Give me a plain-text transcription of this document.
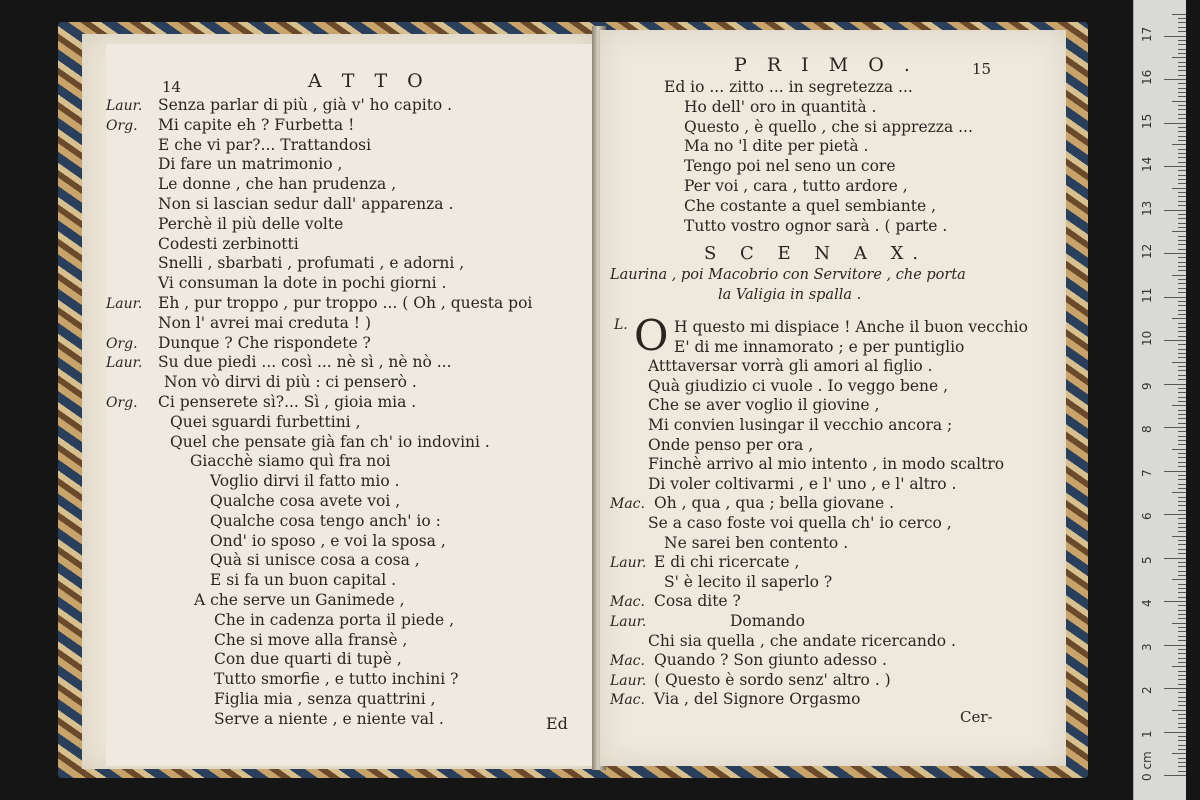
14	A T T O
Ed
Laur. Senza parlar di più , già v' ho capito .
Org. Mi capite eh ? Furbetta !
E che vi par?... Trattandosi
Di fare un matrimonio ,
Le donne , che han prudenza ,
Non si lascian sedur dall' apparenza .
Perchè il più delle volte
Codesti zerbinotti
Snelli , sbarbati , profumati , e adorni ,
Vi consuman la dote in pochi giorni .
Laur. Eh , pur troppo , pur troppo ... ( Oh , questa poi
Non l' avrei mai creduta ! )
Org. Dunque ? Che rispondete ?
Laur. Su due piedi ... così ... nè sì , nè nò ...
Non vò dirvi di più : ci penserò .
Org. Ci penserete sì?... Sì , gioia mia .
Quei sguardi furbettini ,
Quel che pensate già fan ch' io indovini .
Giacchè siamo quì fra noi
Voglio dirvi il fatto mio .
Qualche cosa avete voi ,
Qualche cosa tengo anch' io :
Ond' io sposo , e voi la sposa ,
Quà si unisce cosa a cosa ,
E si fa un buon capital .
A che serve un Ganimede ,
Che in cadenza porta il piede ,
Che si move alla fransè ,
Con due quarti di tupè ,
Tutto smorfie , e tutto inchini ?
Figlia mia , senza quattrini ,
Serve a niente , e niente val .
P R I M O .	15
S C E N A X.
Laurina , poi Macobrio con Servitore , che porta
la Valigia in spalla .
L. O
Cer-
Ed io ... zitto ... in segretezza ...
Ho dell' oro in quantità .
Questo , è quello , che si apprezza ...
Ma no 'l dite per pietà .
Tengo poi nel seno un core
Per voi , cara , tutto ardore ,
Che costante a quel sembiante ,
Tutto vostro ognor sarà . ( parte .
H questo mi dispiace ! Anche il buon vecchio
E' di me innamorato ; e per puntiglio
Atttaversar vorrà gli amori al figlio .
Quà giudizio ci vuole . Io veggo bene ,
Che se aver voglio il giovine ,
Mi convien lusingar il vecchio ancora ;
Onde penso per ora ,
Finchè arrivo al mio intento , in modo scaltro
Di voler coltivarmi , e l' uno , e l' altro .
Mac. Oh , qua , qua ; bella giovane .
Se a caso foste voi quella ch' io cerco ,
Ne sarei ben contento .
Laur. E di chi ricercate ,
S' è lecito il saperlo ?
Mac. Cosa dite ?
Laur.	Domando
Chi sia quella , che andate ricercando .
Mac. Quando ? Son giunto adesso .
Laur. ( Questo è sordo senz' altro . )
Mac. Via , del Signore Orgasmo
0 cm
1
2
3
4
5
6
7
8
9
10
11
12
13
14
15
16
17
